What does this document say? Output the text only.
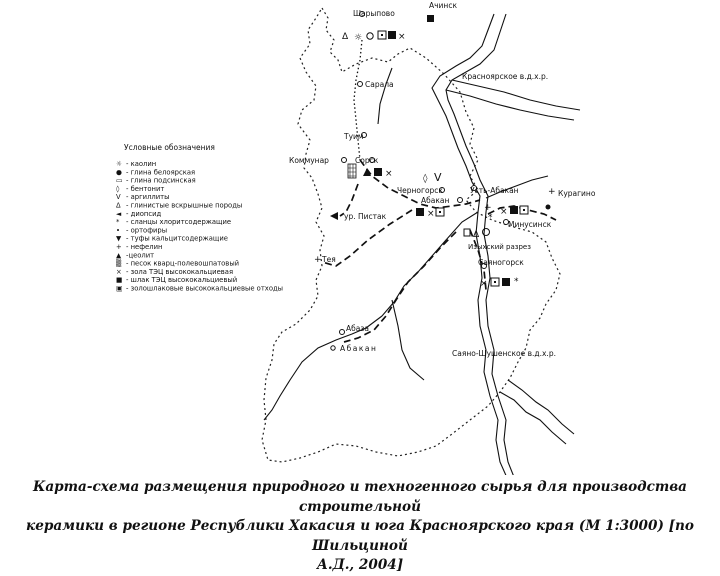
Ачинск
Шарыпово
Δ ☼	×
Сарала
Туим
Коммунар	Сорск
×	◊ V
Черногорск	Усть-Абакан
Абакан
×
Курагино
+
Минусинск
×
+
*
ур. Пистак
+ Тея
Δ
Изыхский разрез
Саяногорск
×	*
Абаза
Красноярское в.д.х.р.
Абакан
Саяно-Шушенское в.д.х.р.
Условные обозначения
☼ - каолин
● - глина белоярская
▭ - глина подсинская
◊ - бентонит
V - аргиллиты
Δ - глинистые вскрышные породы
◄ - диопсид
* - сланцы хлоритсодержащие
• - ортофиры
▼ - туфы кальцитсодержащие
+ - нефелин
▲ -цеолит
▒ - песок кварц-полевошпатовый
× - зола ТЭЦ высококальциевая
■ - шлак ТЭЦ высококальциевый
▣ - золошлаковые высококальциевые отходы
Карта-схема размещения природного и техногенного сырья для производства строительной
керамики в регионе Республики Хакасия и юга Красноярского края (М 1:3000) [по Шильциной
А.Д., 2004]
